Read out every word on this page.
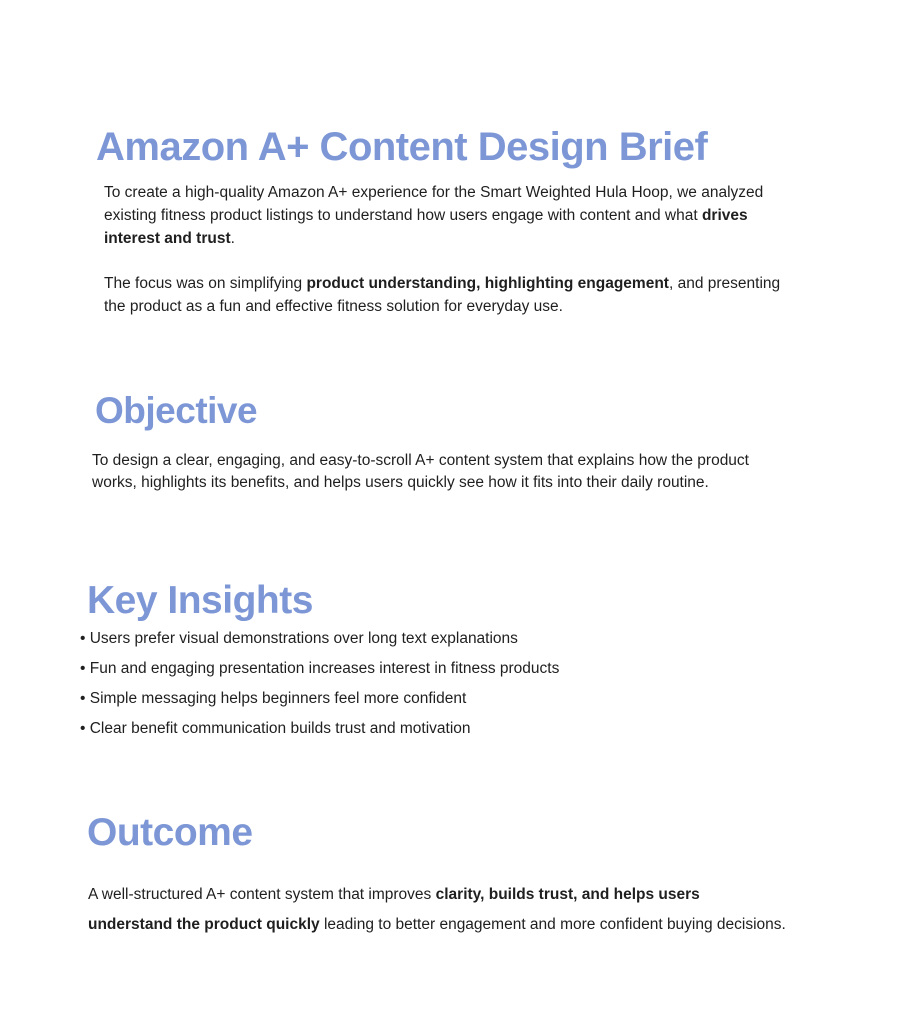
Amazon A+ Content Design Brief

To create a high-quality Amazon A+ experience for the Smart Weighted Hula Hoop, we analyzed existing fitness product listings to understand how users engage with content and what drives interest and trust.

The focus was on simplifying product understanding, highlighting engagement, and presenting the product as a fun and effective fitness solution for everyday use.

Objective

To design a clear, engaging, and easy-to-scroll A+ content system that explains how the product works, highlights its benefits, and helps users quickly see how it fits into their daily routine.

Key Insights
• Users prefer visual demonstrations over long text explanations
• Fun and engaging presentation increases interest in fitness products
• Simple messaging helps beginners feel more confident
• Clear benefit communication builds trust and motivation
Outcome

A well-structured A+ content system that improves clarity, builds trust, and helps users understand the product quickly leading to better engagement and more confident buying decisions.
